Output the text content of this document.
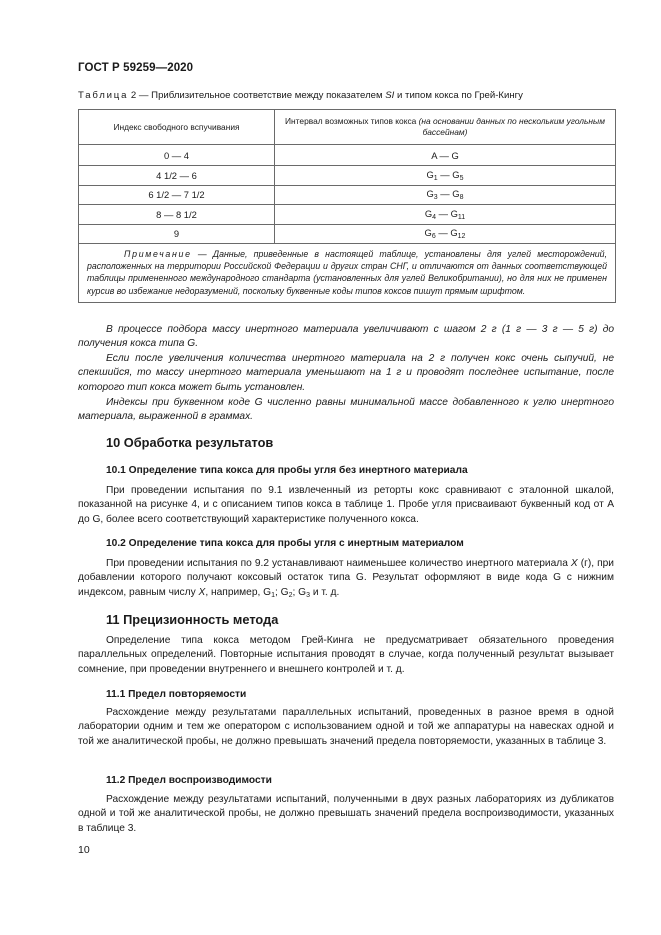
ГОСТ Р 59259—2020
Таблица 2 — Приблизительное соответствие между показателем SI и типом кокса по Грей-Кингу
Индекс свободного вспучивания	Интервал возможных типов кокса (на основании данных по нескольким угольным бассейнам)
0 — 4	A — G
4 1/2 — 6	$G_1$ — $G_5$
6 1/2 — 7 1/2	$G_3$ — $G_8$
8 — 8 1/2	$G_4$ — $G_{11}$
9	$G_6$ — $G_{12}$
Примечание — Данные, приведенные в настоящей таблице, установлены для углей месторождений, расположенных на территории Российской Федерации и других стран СНГ, и отличаются от данных соответствующей таблицы примененного международного стандарта (установленных для углей Великобритании), но для них не применен курсив во избежание недоразумений, поскольку буквенные коды типов коксов пишут прямым шрифтом.	
В процессе подбора массу инертного материала увеличивают с шагом 2 г (1 г — 3 г — 5 г) до получения кокса типа G.
Если после увеличения количества инертного материала на 2 г получен кокс очень сыпучий, не спекшийся, то массу инертного материала уменьшают на 1 г и проводят последнее испытание, после которого тип кокса может быть установлен.
Индексы при буквенном коде G численно равны минимальной массе добавленного к углю инертного материала, выраженной в граммах.
10 Обработка результатов
10.1 Определение типа кокса для пробы угля без инертного материала
При проведении испытания по 9.1 извлеченный из реторты кокс сравнивают с эталонной шкалой, показанной на рисунке 4, и с описанием типов кокса в таблице 1. Пробе угля присваивают буквенный код от А до G, более всего соответствующий характеристике полученного кокса.
10.2 Определение типа кокса для пробы угля с инертным материалом
При проведении испытания по 9.2 устанавливают наименьшее количество инертного материала X (г), при добавлении которого получают коксовый остаток типа G. Результат оформляют в виде кода G с нижним индексом, равным числу X, например, $G_1$; $G_2$; $G_3$ и т. д.
11 Прецизионность метода
Определение типа кокса методом Грей-Кинга не предусматривает обязательного проведения параллельных определений. Повторные испытания проводят в случае, когда полученный результат вызывает сомнение, при проведении внутреннего и внешнего контролей и т. д.
11.1 Предел повторяемости
Расхождение между результатами параллельных испытаний, проведенных в разное время в одной лаборатории одним и тем же оператором с использованием одной и той же аппаратуры на навесках одной и той же аналитической пробы, не должно превышать значений предела повторяемости, указанных в таблице 3.
11.2 Предел воспроизводимости
Расхождение между результатами испытаний, полученными в двух разных лабораториях из дубликатов одной и той же аналитической пробы, не должно превышать значений предела воспроизводимости, указанных в таблице 3.
10
